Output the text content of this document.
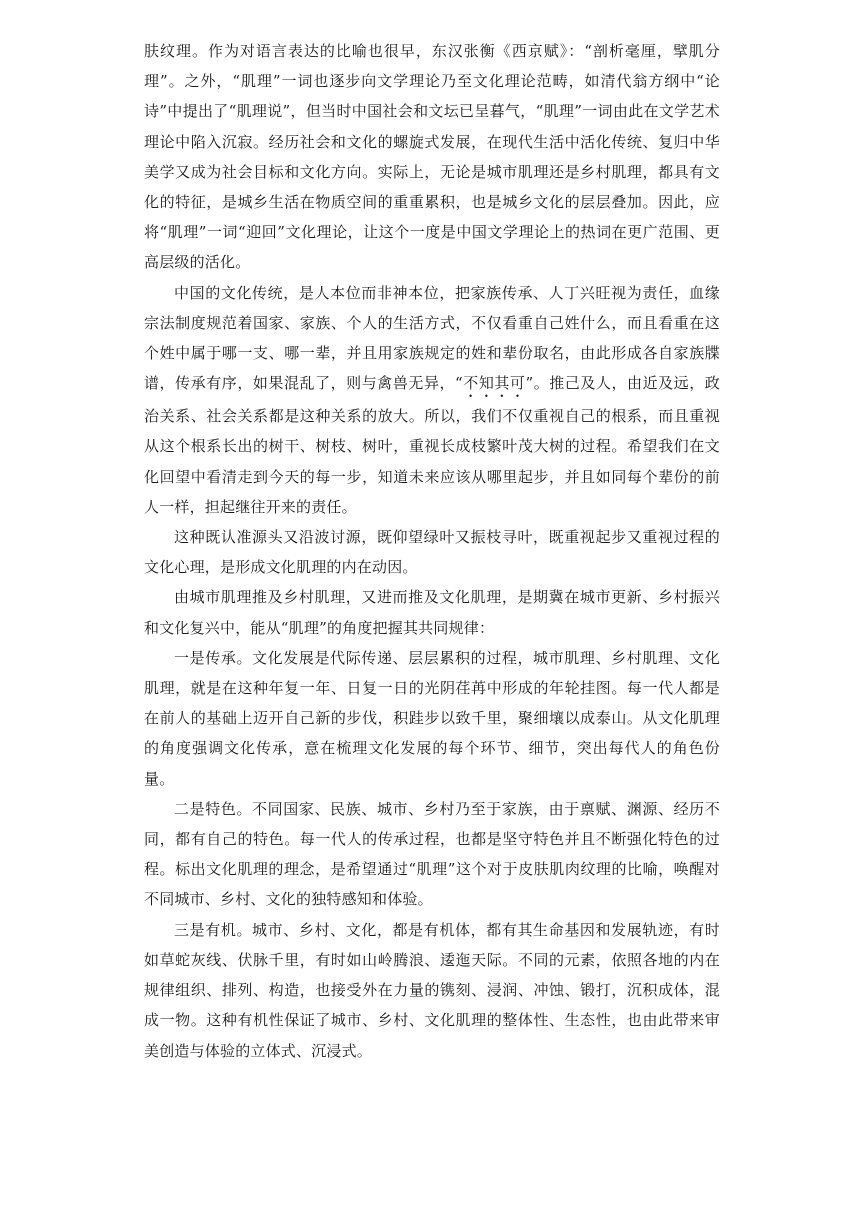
肤纹理。作为对语言表达的比喻也很早，东汉张衡《西京赋》：“剖析毫厘，擘肌分理”。之外，“肌理”一词也逐步向文学理论乃至文化理论范畴，如清代翁方纲中“论诗”中提出了“肌理说”，但当时中国社会和文坛已呈暮气，“肌理”一词由此在文学艺术理论中陷入沉寂。经历社会和文化的螺旋式发展，在现代生活中活化传统、复归中华美学又成为社会目标和文化方向。实际上，无论是城市肌理还是乡村肌理，都具有文化的特征，是城乡生活在物质空间的重重累积，也是城乡文化的层层叠加。因此，应将“肌理”一词“迎回”文化理论，让这个一度是中国文学理论上的热词在更广范围、更高层级的活化。

中国的文化传统，是人本位而非神本位，把家族传承、人丁兴旺视为责任，血缘宗法制度规范着国家、家族、个人的生活方式，不仅看重自己姓什么，而且看重在这个姓中属于哪一支、哪一辈，并且用家族规定的姓和辈份取名，由此形成各自家族牒谱，传承有序，如果混乱了，则与禽兽无异，“不知其可”。推己及人，由近及远，政治关系、社会关系都是这种关系的放大。所以，我们不仅重视自己的根系，而且重视从这个根系长出的树干、树枝、树叶，重视长成枝繁叶茂大树的过程。希望我们在文化回望中看清走到今天的每一步，知道未来应该从哪里起步，并且如同每个辈份的前人一样，担起继往开来的责任。

这种既认准源头又沿波讨源，既仰望绿叶又振枝寻叶，既重视起步又重视过程的文化心理，是形成文化肌理的内在动因。

由城市肌理推及乡村肌理，又进而推及文化肌理，是期冀在城市更新、乡村振兴和文化复兴中，能从“肌理”的角度把握其共同规律：

一是传承。文化发展是代际传递、层层累积的过程，城市肌理、乡村肌理、文化肌理，就是在这种年复一年、日复一日的光阴荏苒中形成的年轮挂图。每一代人都是在前人的基础上迈开自己新的步伐，积跬步以致千里，聚细壤以成泰山。从文化肌理的角度强调文化传承，意在梳理文化发展的每个环节、细节，突出每代人的角色份量。

二是特色。不同国家、民族、城市、乡村乃至于家族，由于禀赋、渊源、经历不同，都有自己的特色。每一代人的传承过程，也都是坚守特色并且不断强化特色的过程。标出文化肌理的理念，是希望通过“肌理”这个对于皮肤肌肉纹理的比喻，唤醒对不同城市、乡村、文化的独特感知和体验。

三是有机。城市、乡村、文化，都是有机体，都有其生命基因和发展轨迹，有时如草蛇灰线、伏脉千里，有时如山岭腾浪、逶迤天际。不同的元素，依照各地的内在规律组织、排列、构造，也接受外在力量的镌刻、浸润、冲蚀、锻打，沉积成体，混成一物。这种有机性保证了城市、乡村、文化肌理的整体性、生态性，也由此带来审美创造与体验的立体式、沉浸式。
